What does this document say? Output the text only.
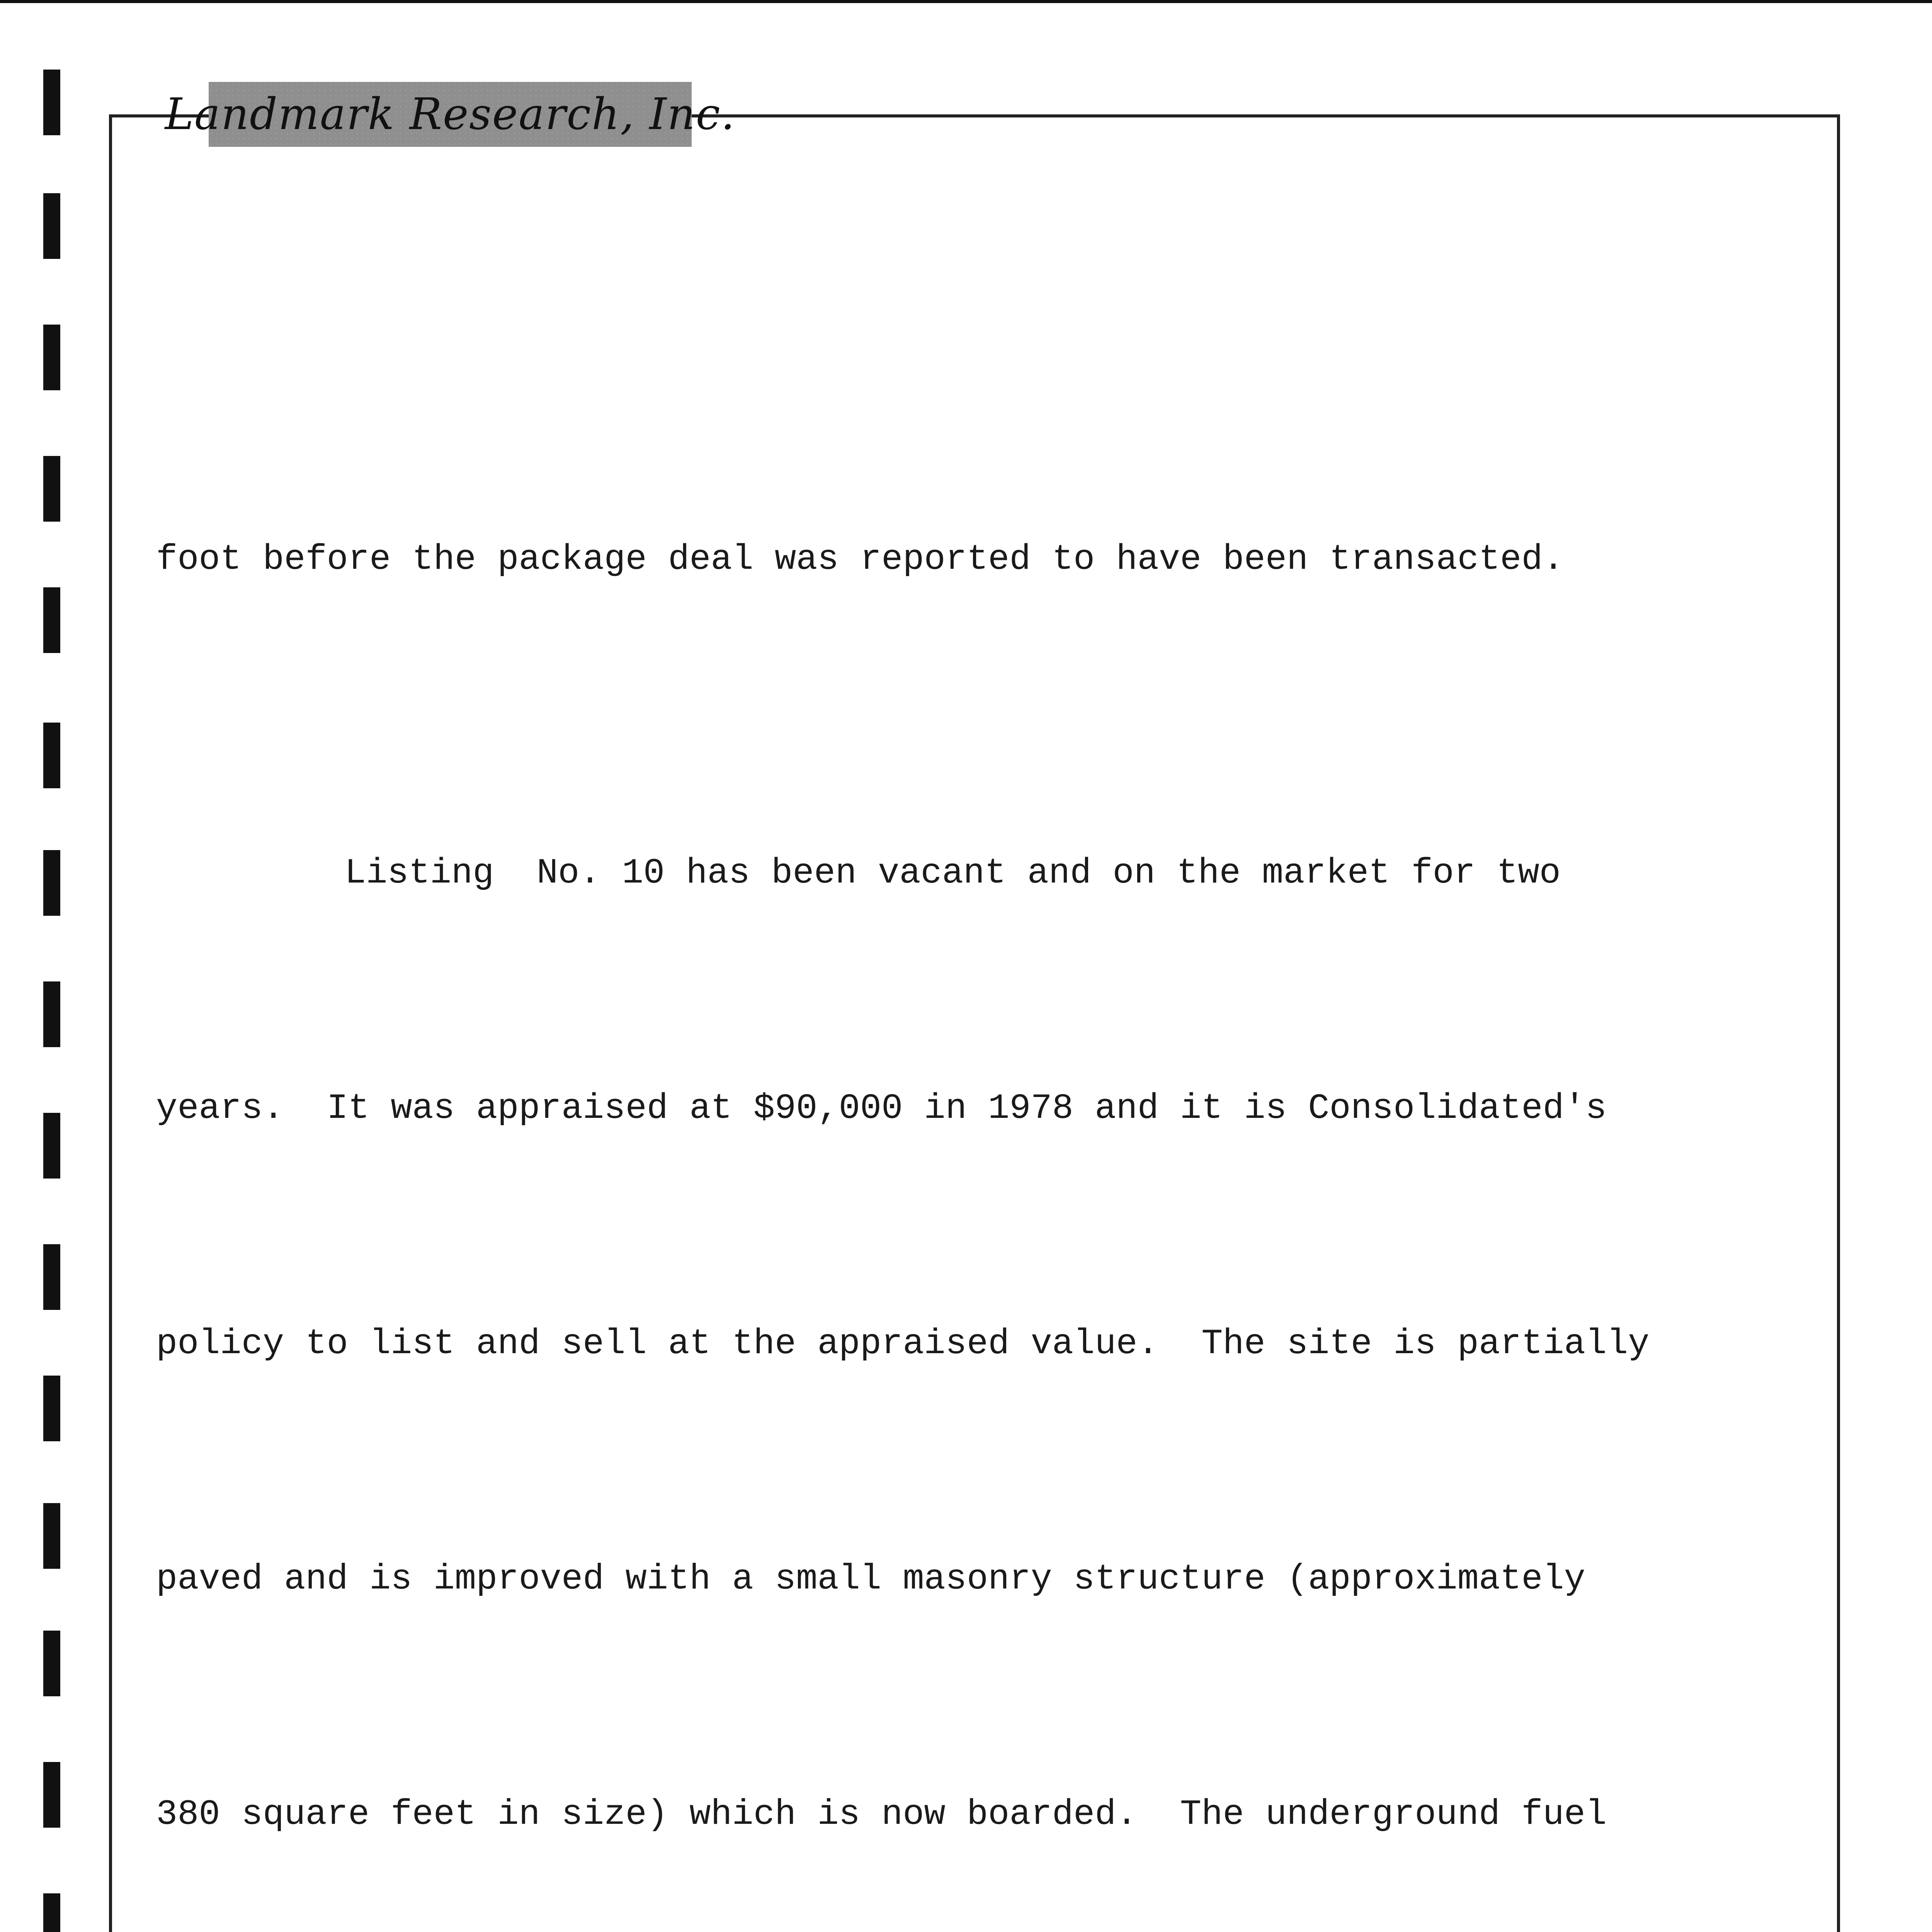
Landmark Research, Inc.

foot before the package deal was reported to have been transacted.

Listing  No. 10 has been vacant and on the market for two

years.  It was appraised at $90,000 in 1978 and it is Consolidated's

policy to list and sell at the appraised value.  The site is partially

paved and is improved with a small masonry structure (approximately

380 square feet in size) which is now boarded.  The underground fuel
